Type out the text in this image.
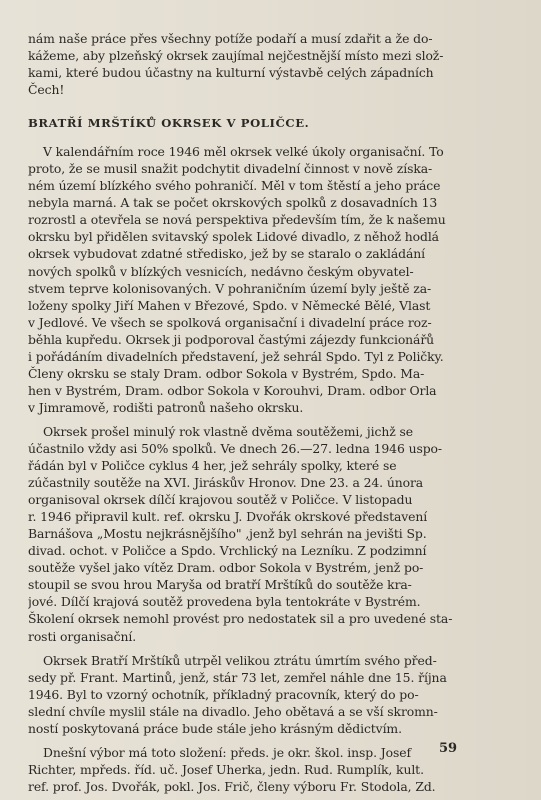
nám naše práce přes všechny potíže podaří a musí zdařit a že do-
kážeme, aby plzeňský okrsek zaujímal nejčestnější místo mezi slož-
kami, které budou účastny na kulturní výstavbě celých západních
Čech!
BRATŘÍ MRŠTÍKŮ OKRSEK V POLIČCE.
V kalendářním roce 1946 měl okrsek velké úkoly organisační. To
proto, že se musil snažit podchytit divadelní činnost v nově získa-
ném území blízkého svého pohraničí. Měl v tom štěstí a jeho práce
nebyla marná. A tak se počet okrskových spolků z dosavadních 13
rozrostl a otevřela se nová perspektiva především tím, že k našemu
okrsku byl přidělen svitavský spolek Lidové divadlo, z něhož hodlá
okrsek vybudovat zdatné středisko, jež by se staralo o zakládání
nových spolků v blízkých vesnicích, nedávno českým obyvatel-
stvem teprve kolonisovaných. V pohraničním území byly ještě za-
loženy spolky Jiří Mahen v Březové, Spdo. v Německé Bělé, Vlast
v Jedlové. Ve všech se spolková organisační i divadelní práce roz-
běhla kupředu. Okrsek ji podporoval častými zájezdy funkcionářů
i pořádáním divadelních představení, jež sehrál Spdo. Tyl z Poličky.
Členy okrsku se staly Dram. odbor Sokola v Bystrém, Spdo. Ma-
hen v Bystrém, Dram. odbor Sokola v Korouhvi, Dram. odbor Orla
v Jimramově, rodišti patronů našeho okrsku.
Okrsek prošel minulý rok vlastně dvěma soutěžemi, jichž se
účastnilo vždy asi 50% spolků. Ve dnech 26.—27. ledna 1946 uspo-
řádán byl v Poličce cyklus 4 her, jež sehrály spolky, které se
zúčastnily soutěže na XVI. Jiráskův Hronov. Dne 23. a 24. února
organisoval okrsek dílčí krajovou soutěž v Poličce. V listopadu
r. 1946 připravil kult. ref. okrsku J. Dvořák okrskové představení
Barnášova „Mostu nejkrásnějšího" ,jenž byl sehrán na jevišti Sp.
divad. ochot. v Poličce a Spdo. Vrchlický na Lezníku. Z podzimní
soutěže vyšel jako vítěz Dram. odbor Sokola v Bystrém, jenž po-
stoupil se svou hrou Maryša od bratří Mrštíků do soutěže kra-
jové. Dílčí krajová soutěž provedena byla tentokráte v Bystrém.
Školení okrsek nemohl provést pro nedostatek sil a pro uvedené sta-
rosti organisační.
Okrsek Bratří Mrštíků utrpěl velikou ztrátu úmrtím svého před-
sedy př. Frant. Martinů, jenž, stár 73 let, zemřel náhle dne 15. října
1946. Byl to vzorný ochotník, příkladný pracovník, který do po-
slední chvíle myslil stále na divadlo. Jeho obětavá a se vší skromn-
ností poskytovaná práce bude stále jeho krásným dědictvím.
Dnešní výbor má toto složení: předs. je okr. škol. insp. Josef
Richter, mpředs. říd. uč. Josef Uherka, jedn. Rud. Rumplík, kult.
ref. prof. Jos. Dvořák, pokl. Jos. Frič, členy výboru Fr. Stodola, Zd.
59
